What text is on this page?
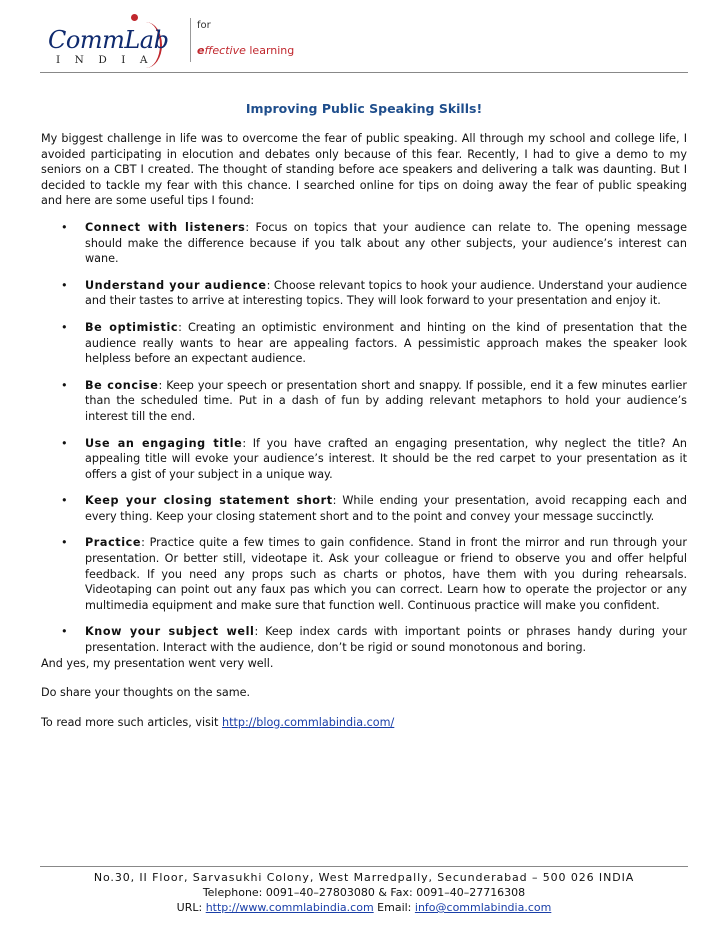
CommLab
INDIA
for
effective learning
Improving Public Speaking Skills!

My biggest challenge in life was to overcome the fear of public speaking. All through my school and college life, I avoided participating in elocution and debates only because of this fear. Recently, I had to give a demo to my seniors on a CBT I created. The thought of standing before ace speakers and delivering a talk was daunting. But I decided to tackle my fear with this chance. I searched online for tips on doing away the fear of public speaking and here are some useful tips I found:

• Connect with listeners: Focus on topics that your audience can relate to. The opening message should make the difference because if you talk about any other subjects, your audience’s interest can wane.
• Understand your audience: Choose relevant topics to hook your audience. Understand your audience and their tastes to arrive at interesting topics. They will look forward to your presentation and enjoy it.
• Be optimistic: Creating an optimistic environment and hinting on the kind of presentation that the audience really wants to hear are appealing factors. A pessimistic approach makes the speaker look helpless before an expectant audience.
• Be concise: Keep your speech or presentation short and snappy. If possible, end it a few minutes earlier than the scheduled time. Put in a dash of fun by adding relevant metaphors to hold your audience’s interest till the end.
• Use an engaging title: If you have crafted an engaging presentation, why neglect the title? An appealing title will evoke your audience’s interest. It should be the red carpet to your presentation as it offers a gist of your subject in a unique way.
• Keep your closing statement short: While ending your presentation, avoid recapping each and every thing. Keep your closing statement short and to the point and convey your message succinctly.
• Practice: Practice quite a few times to gain confidence. Stand in front the mirror and run through your presentation. Or better still, videotape it. Ask your colleague or friend to observe you and offer helpful feedback. If you need any props such as charts or photos, have them with you during rehearsals. Videotaping can point out any faux pas which you can correct. Learn how to operate the projector or any multimedia equipment and make sure that function well. Continuous practice will make you confident.
• Know your subject well: Keep index cards with important points or phrases handy during your presentation. Interact with the audience, don’t be rigid or sound monotonous and boring.

And yes, my presentation went very well.

Do share your thoughts on the same.

To read more such articles, visit http://blog.commlabindia.com/

No.30, II Floor, Sarvasukhi Colony, West Marredpally, Secunderabad – 500 026 INDIA
Telephone: 0091–40–27803080 & Fax: 0091–40–27716308
URL: http://www.commlabindia.com Email: info@commlabindia.com
